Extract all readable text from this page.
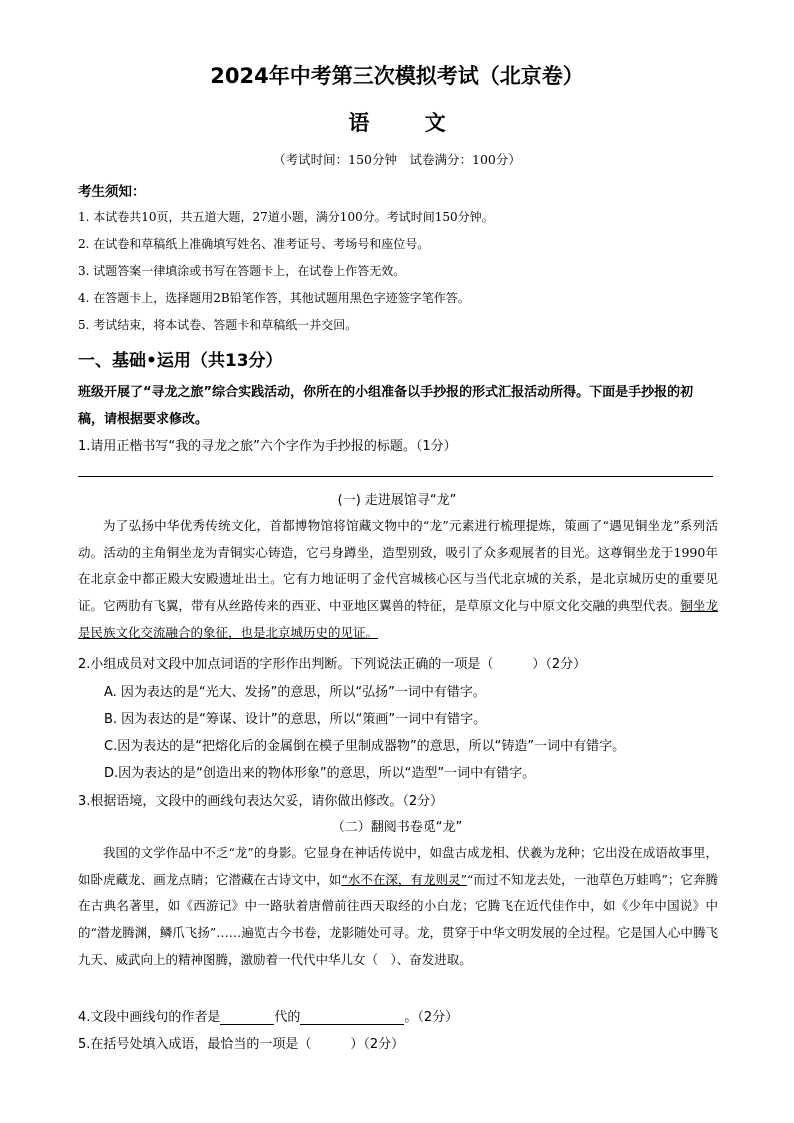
2024年中考第三次模拟考试（北京卷）
语 文
（考试时间：150分钟　试卷满分：100分）
考生须知：
1. 本试卷共10页，共五道大题，27道小题，满分100分。考试时间150分钟。
2. 在试卷和草稿纸上准确填写姓名、准考证号、考场号和座位号。
3. 试题答案一律填涂或书写在答题卡上，在试卷上作答无效。
4. 在答题卡上，选择题用2B铅笔作答，其他试题用黑色字迹签字笔作答。
5. 考试结束，将本试卷、答题卡和草稿纸一并交回。
一、基础•运用（共13分）
班级开展了“寻龙之旅”综合实践活动，你所在的小组准备以手抄报的形式汇报活动所得。下面是手抄报的初稿，请根据要求修改。
1.请用正楷书写“我的寻龙之旅”六个字作为手抄报的标题。（1分）
(一) 走进展馆寻“龙”
为了弘扬中华优秀传统文化，首都博物馆将馆藏文物中的“龙”元素进行梳理提炼，策画了“遇见铜坐龙”系列活动。活动的主角铜坐龙为青铜实心铸造，它弓身蹲坐，造型别致，吸引了众多观展者的目光。这尊铜坐龙于1990年在北京金中都正殿大安殿遗址出土。它有力地证明了金代宫城核心区与当代北京城的关系，是北京城历史的重要见证。它两肋有飞翼，带有从丝路传来的西亚、中亚地区翼兽的特征，是草原文化与中原文化交融的典型代表。铜坐龙是民族文化交流融合的象征，也是北京城历史的见证。
2.小组成员对文段中加点词语的字形作出判断。下列说法正确的一项是（　　　）（2分）
A. 因为表达的是“光大、发扬”的意思，所以“弘扬”一词中有错字。
B. 因为表达的是“筹谋、设计”的意思，所以“策画”一词中有错字。
C.因为表达的是“把熔化后的金属倒在模子里制成器物”的意思，所以“铸造”一词中有错字。
D.因为表达的是“创造出来的物体形象”的意思，所以“造型”一词中有错字。
3.根据语境，文段中的画线句表达欠妥，请你做出修改。（2分）
（二）翻阅书卷觅“龙”
我国的文学作品中不乏“龙”的身影。它显身在神话传说中，如盘古成龙相、伏羲为龙种；它出没在成语故事里，如卧虎藏龙、画龙点睛；它潜藏在古诗文中，如“水不在深，有龙则灵”“而过不知龙去处，一池草色万蛙鸣”；它奔腾在古典名著里，如《西游记》中一路驮着唐僧前往西天取经的小白龙；它腾飞在近代佳作中，如《少年中国说》中的“潜龙腾渊，鳞爪飞扬”……遍览古今书卷，龙影随处可寻。龙，贯穿于中华文明发展的全过程。它是国人心中腾飞九天、威武向上的精神图腾，激励着一代代中华儿女（　）、奋发进取。
4.文段中画线句的作者是	代的	。（2分）
5.在括号处填入成语，最恰当的一项是（　　　）（2分）
